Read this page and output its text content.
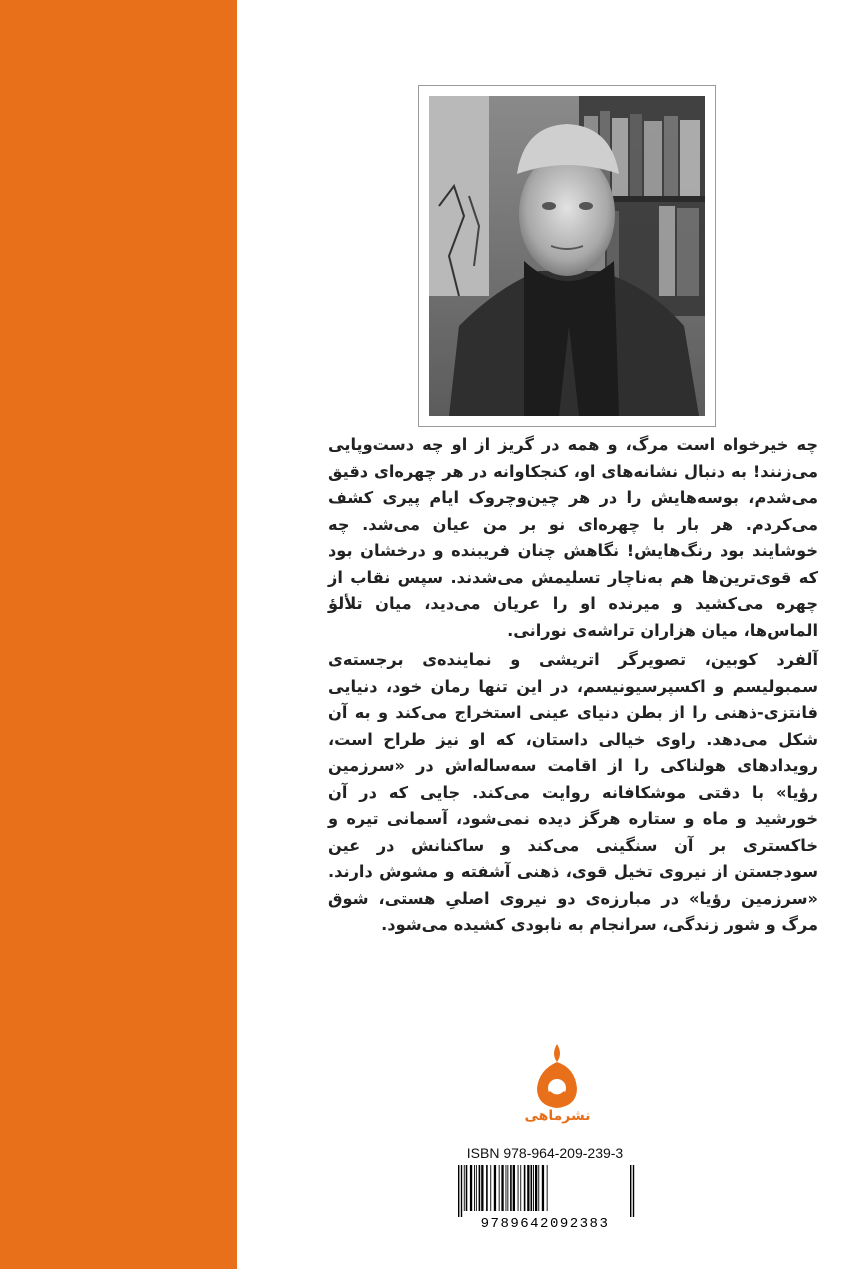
چه خیرخواه است مرگ، و همه در گریز از او چه دست‌وپایی می‌زنند! به دنبال نشانه‌های او، کنجکاوانه در هر چهره‌ای دقیق می‌شدم، بوسه‌هایش را در هر چین‌وچروک ایام پیری کشف می‌کردم. هر بار با چهره‌ای نو بر من عیان می‌شد. چه خوشایند بود رنگ‌هایش! نگاهش چنان فریبنده و درخشان بود که قوی‌ترین‌ها هم به‌ناچار تسلیمش می‌شدند. سپس نقاب از چهره می‌کشید و میرنده او را عریان می‌دید، میان تلألؤ الماس‌ها، میان هزاران تراشه‌ی نورانی.

آلفرد کوبین، تصویرگر اتریشی و نماینده‌ی برجسته‌ی سمبولیسم و اکسپرسیونیسم، در این تنها رمان خود، دنیایی فانتزی-ذهنی را از بطن دنیای عینی استخراج می‌کند و به آن شکل می‌دهد. راوی خیالی داستان، که او نیز طراح است، رویدادهای هولناکی را از اقامت سه‌ساله‌اش در «سرزمین رؤیا» با دقتی موشکافانه روایت می‌کند. جایی که در آن خورشید و ماه و ستاره هرگز دیده نمی‌شود، آسمانی تیره و خاکستری بر آن سنگینی می‌کند و ساکنانش در عین سودجستن از نیروی تخیل قوی، ذهنی آشفته و مشوش دارند. «سرزمین رؤیا» در مبارزه‌ی دو نیروی اصلیِ هستی، شوق مرگ و شور زندگی، سرانجام به نابودی کشیده می‌شود.

نشرماهی
ISBN 978-964-209-239-3
9789642092383
